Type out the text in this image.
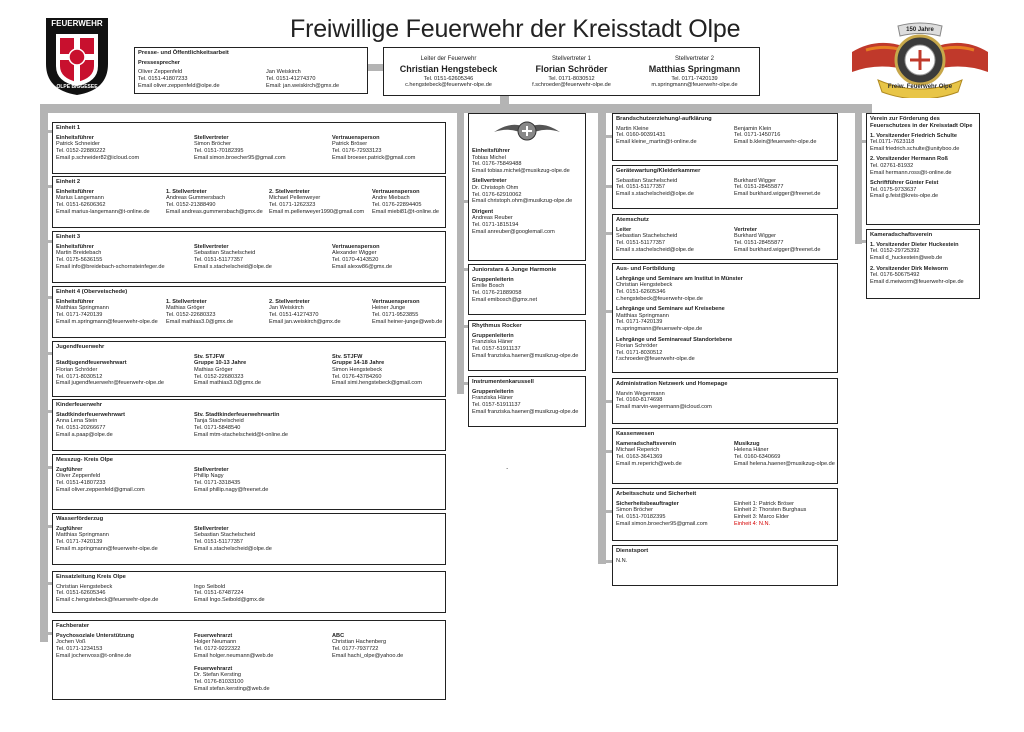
FEUERWEHR
OLPE BIGGESEE
Freiwillige Feuerwehr der Kreisstadt Olpe	150 Jahre
Freiw. Feuerwehr Olpe
Presse- und Öffentlichkeitsarbeit
Pressesprecher
Oliver Zeppenfeld
Tel. 0151-41807233
Email oliver.zeppenfeld@olpe.de
Jan Weiskirch
Tel. 0151-41274370
Email: jan.weiskirch@gmx.de
Leiter der Feuerwehr
Christian Hengstebeck
Tel. 0151-62605346
c.hengstebeck@feuerwehr-olpe.de
Stellvertreter 1
Florian Schröder
Tel. 0171-8030512
f.schroeder@feuerwehr-olpe.de
Stellvertreter 2
Matthias Springmann
Tel. 0171-7420139
m.springmann@feuerwehr-olpe.de
Einheit 1
Einheitsführer
Patrick Schneider
Tel. 0152-22880222
Email p.schneider82@icloud.com
Stellvertreter
Simon Bröcher
Tel. 0151-70182395
Email simon.broecher95@gmail.com
Vertrauensperson
Patrick Bröser
Tel. 0176-72933123
Email broeser.patrick@gmail.com
Einheit 2
Einheitsführer
Marius Langemann
Tel. 0151-62606362
Email marius-langemann@t-online.de
1. Stellvertreter
Andreas Gummersbach
Tel. 0152-21388490
Email andreas.gummersbach@gmx.de
2. Stellvertreter
Michael Pellenweyer
Tel. 0171-1262323
Email m.pellenweyer1990@gmail.com
Vertrauensperson
Andre Miebach
Tel. 0176-22894405
Email miebi81@t-online.de
Einheit 3
Einheitsführer
Martin Breidebach
Tel. 0175-5636155
Email info@breidebach-schornsteinfeger.de
Stellvertreter
Sebastian Stachelscheid
Tel. 0151-51177357
Email s.stachelscheid@olpe.de
Vertrauensperson
Alexander Wigger
Tel. 0170-4143520
Email alexw86@gmx.de
Einheit 4 (Oberveischede)
Einheitsführer
Matthias Springmann
Tel. 0171-7420139
Email m.springmann@feuerwehr-olpe.de
1. Stellvertreter
Mathias Gröger
Tel. 0152-22680323
Email mathias3.0@gmx.de
2. Stellvertreter
Jan Weiskirch
Tel. 0151-41274370
Email jan.weiskirch@gmx.de
Vertrauensperson
Heiner Junge
Tel. 0171-9523855
Email heiner-junge@web.de
Jugendfeuerwehr

Stadtjugendfeuerwehrwart
Florian Schröder
Tel. 0171-8030512
Email jugendfeuerwehr@feuerwehr-olpe.de
Stv. STJFW
Gruppe 10-13 Jahre
Mathias Gröger
Tel. 0152-22680323
Email mathias3.0@gmx.de
Stv. STJFW
Gruppe 14-18 Jahre
Simon Hengstebeck
Tel. 0176-43784260
Email simi.hengstebeck@gmail.com
Kinderfeuerwehr
Stadtkinderfeuerwehrwart
Anna Lena Stein
Tel. 0151-20266677
Email a.paap@olpe.de
Stv. Stadtkinderfeuerwehrwartin
Tanja Stachelscheid
Tel. 0171-5848540
Email mtm-stachelscheid@t-online.de
Messzug- Kreis Olpe
Zugführer
Oliver Zeppenfeld
Tel. 0151-41807233
Email oliver.zeppenfeld@gmail.com
Stellvertreter
Phillip Nagy
Tel. 0171-3318435
Email phillip.nagy@freenet.de
Wasserförderzug
Zugführer
Matthias Springmann
Tel. 0171-7420139
Email m.springmann@feuerwehr-olpe.de
Stellvertreter
Sebastian Stachelscheid
Tel. 0151-51177357
Email s.stachelscheid@olpe.de
Einsatzleitung Kreis Olpe
Christian Hengstebeck
Tel. 0151-62605346
Email c.hengstebeck@feuerwehr-olpe.de
Ingo Seibold
Tel. 0151-67487224
Email Ingo.Seibold@gmx.de
Fachberater
Psychosoziale Unterstützung
Jochen Voß
Tel. 0171-1234153
Email jochenvoss@t-online.de
Feuerwehrarzt
Holger Neumann
Tel. 0172-9222322
Email holger.neumann@web.de

Feuerwehrarzt
Dr. Stefan Kersting
Tel. 0176-81033100
Email stefan.kersting@web.de
ABC
Christian Hachenberg
Tel. 0177-7937722
Email hachi_olpe@yahoo.de
Einheitsführer
Tobias Michel
Tel. 0176-75849488
Email tobias.michel@musikzug-olpe.de
Stellvertreter
Dr. Christoph Ohm
Tel. 0176-62910062
Email christoph.ohm@musikzug-olpe.de
Dirigent
Andreas Reuber
Tel. 0171-1815194
Email anreuber@googlemail.com
Juniorstars & Junge Harmonie
Gruppenleiterin
Emilie Bosch
Tel. 0176-21889058
Email emibosch@gmx.net
Rhythmus Rocker
Gruppenleiterin
Franziska Häner
Tel. 0157-51911137
Email franziska.haener@musikzug-olpe.de
Instrumentenkarussell
Gruppenleiterin
Franziska Häner
Tel. 0157-51911137
Email franziska.haener@musikzug-olpe.de
Brandschutzerziehung/-aufklärung
Martin Kleine
Tel. 0160-90391431
Email kleine_martin@t-online.de
Benjamin Klein
Tel. 0171-1450716
Email b.klein@feuerwehr-olpe.de
Gerätewartung/Kleiderkammer
Sebastian Stachelscheid
Tel. 0151-51177357
Email s.stachelscheid@olpe.de
Burkhard Wigger
Tel. 0151-28455877
Email burkhard.wigger@freenet.de
Atemschutz
Leiter
Sebastian Stachelscheid
Tel. 0151-51177357
Email s.stachelscheid@olpe.de
Vertreter
Burkhard Wigger
Tel. 0151-28455877
Email burkhard.wigger@freenet.de
Aus- und Fortbildung
Lehrgänge und Seminare am Institut in Münster
Christian Hengstebeck
Tel. 0151-62605346
c.hengstebeck@feuerwehr-olpe.de
Lehrgänge und Seminare auf Kreisebene
Matthias Springmann
Tel. 0171-7420139
m.springmann@feuerwehr-olpe.de
Lehrgänge und Seminareauf Standortebene
Florian Schröder
Tel. 0171-8030512
f.schroeder@feuerwehr-olpe.de
Administration Netzwerk und Homepage
Marvin Wegermann
Tel. 0160-8174698
Email marvin-wegermann@icloud.com
Kassenwesen
Kameradschaftsverein
Michael Reperich
Tel. 0163-3641369
Email m.reperich@web.de
Musikzug
Helena Häner
Tel. 0160-6340669
Email helena.haener@musikzug-olpe.de
Arbeitsschutz und Sicherheit
Sicherheitsbeauftragter
Simon Bröcher
Tel. 0151-70182395
Email simon.broecher95@gmail.com
Einheit 1: Patrick Bröser
Einheit 2: Thorsten Burghaus
Einheit 3: Marco Elder
Einheit 4: N.N.
Dienstsport
N.N.
Verein zur Förderung des Feuerschutzes in der Kreisstadt Olpe
1. Vorsitzender Friedrich Schulte
Tel.0171-7623118
Email friedrich.schulte@unityboo.de
2. Vorsitzender Hermann Roß
Tel. 02761-81932
Email hermann.ross@t-online.de
Schriftführer Günter Feist
Tel. 0175-9733637
Email g.feist@kreis-olpe.de
Kameradschaftsverein
1. Vorsitzender Dieter Huckestein
Tel. 0152-29725392
Email d_huckestein@web.de
2. Vorsitzender Dirk Meiworm
Tel. 0176-50675492
Email d.meiworm@feuerwehr-olpe.de
.
